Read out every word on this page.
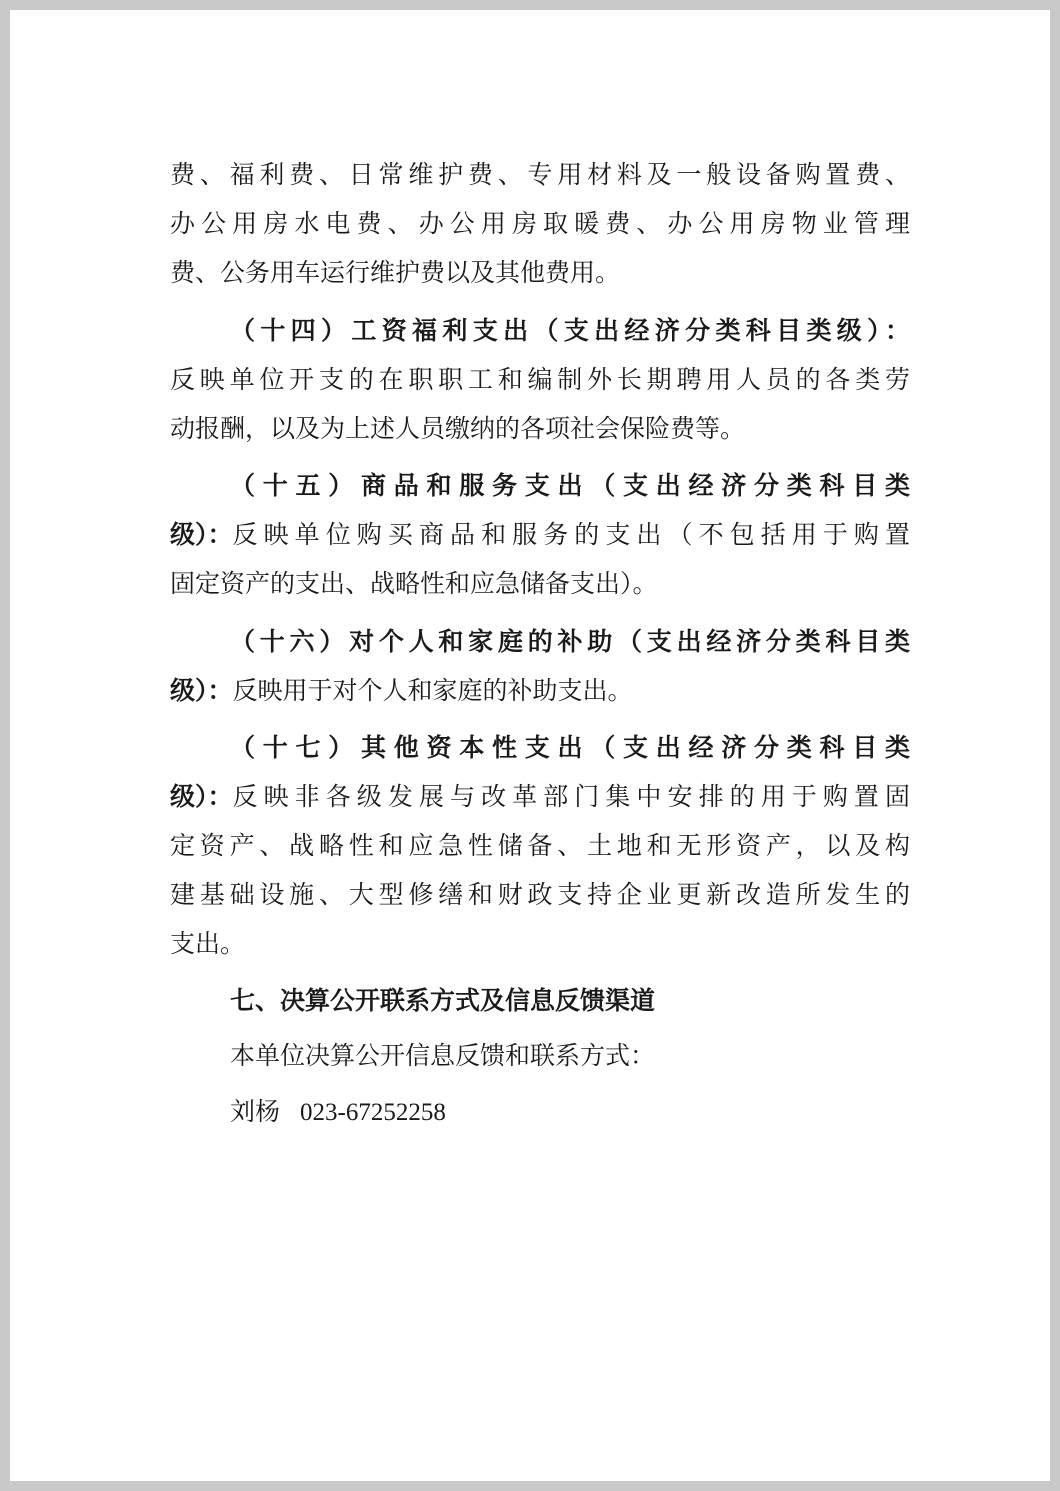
费、福利费、日常维护费、专用材料及一般设备购置费、
办公用房水电费、办公用房取暖费、办公用房物业管理
费、公务用车运行维护费以及其他费用。
（十四）工资福利支出（支出经济分类科目类级）：
反映单位开支的在职职工和编制外长期聘用人员的各类劳
动报酬，以及为上述人员缴纳的各项社会保险费等。
（十五）商品和服务支出（支出经济分类科目类
级）： 反映单位购买商品和服务的支出（不包括用于购置
固定资产的支出、战略性和应急储备支出）。
（十六）对个人和家庭的补助（支出经济分类科目类
级）：反映用于对个人和家庭的补助支出。
（十七）其他资本性支出（支出经济分类科目类
级）： 反映非各级发展与改革部门集中安排的用于购置固
定资产、战略性和应急性储备、土地和无形资产，以及构
建基础设施、大型修缮和财政支持企业更新改造所发生的
支出。
七、决算公开联系方式及信息反馈渠道
本单位决算公开信息反馈和联系方式：
刘杨 023-67252258
